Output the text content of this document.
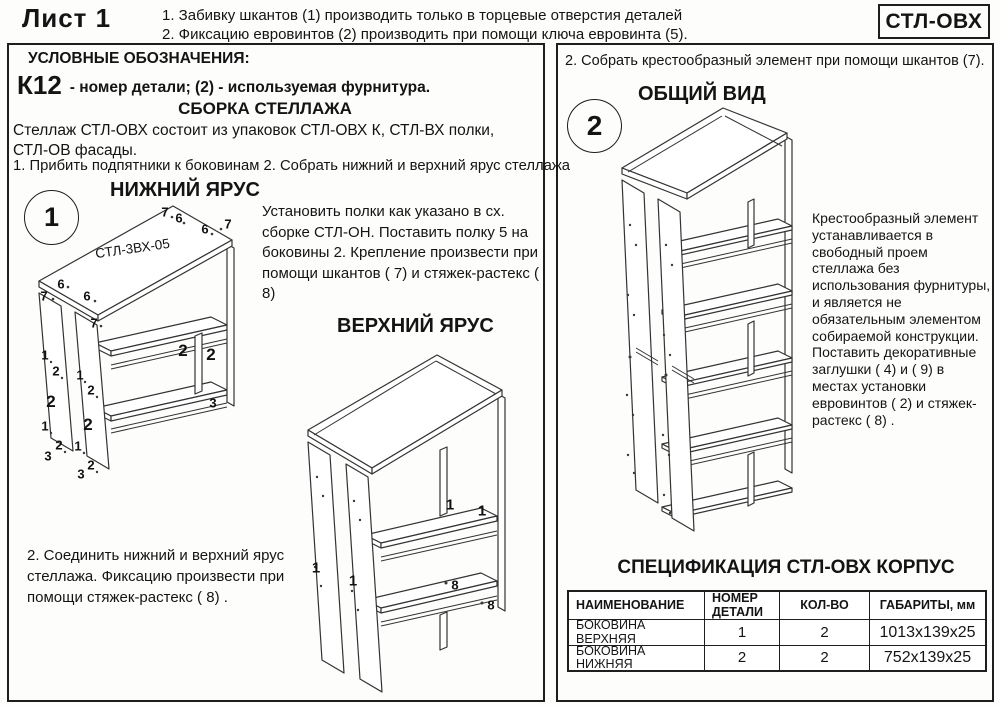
Лист 1	1. Забивку шкантов (1) производить только в торцевые отверстия деталей
2. Фиксацию евровинтов (2) производить при помощи ключа евровинта (5).
СТЛ-ОВХ
УСЛОВНЫЕ ОБОЗНАЧЕНИЯ:
К12 - номер детали; (2) - используемая фурнитура.
СБОРКА СТЕЛЛАЖА
Стеллаж СТЛ-ОВХ состоит из упаковок СТЛ-ОВХ К, СТЛ-ВХ полки, СТЛ-ОВ фасады.
1. Прибить подпятники к боковинам 2. Собрать нижний и верхний ярус стеллажа
НИЖНИЙ ЯРУС
1
СТЛ-3ВХ-05
7 6
6 7
6
7	6
7
1
2
2
1
2
3
1
2
2
1
2
3
2 2
3
Установить полки как указано в сх. сборке СТЛ-ОН. Поставить полку 5 на боковины 2. Крепление произвести при помощи шкантов ( 7) и стяжек-растекс ( 8)
ВЕРХНИЙ ЯРУС
1 1
1
1	8
8
2. Соединить нижний и верхний ярус стеллажа. Фиксацию произвести при помощи стяжек-растекс ( 8) .
2. Собрать крестообразный элемент при помощи шкантов (7).
ОБЩИЙ ВИД
2
Крестообразный элемент устанавливается в свободный проем стеллажа без использования фурнитуры, и является не обязательным элементом собираемой конструкции. Поставить декоративные заглушки ( 4) и ( 9) в местах установки евровинтов ( 2) и стяжек-растекс ( 8) .
СПЕЦИФИКАЦИЯ СТЛ-ОВХ КОРПУС
НАИМЕНОВАНИЕ	НОМЕР ДЕТАЛИ	КОЛ-ВО	ГАБАРИТЫ, мм
БОКОВИНА ВЕРХНЯЯ	1	2	1013х139х25
БОКОВИНА НИЖНЯЯ	2	2	752х139х25
